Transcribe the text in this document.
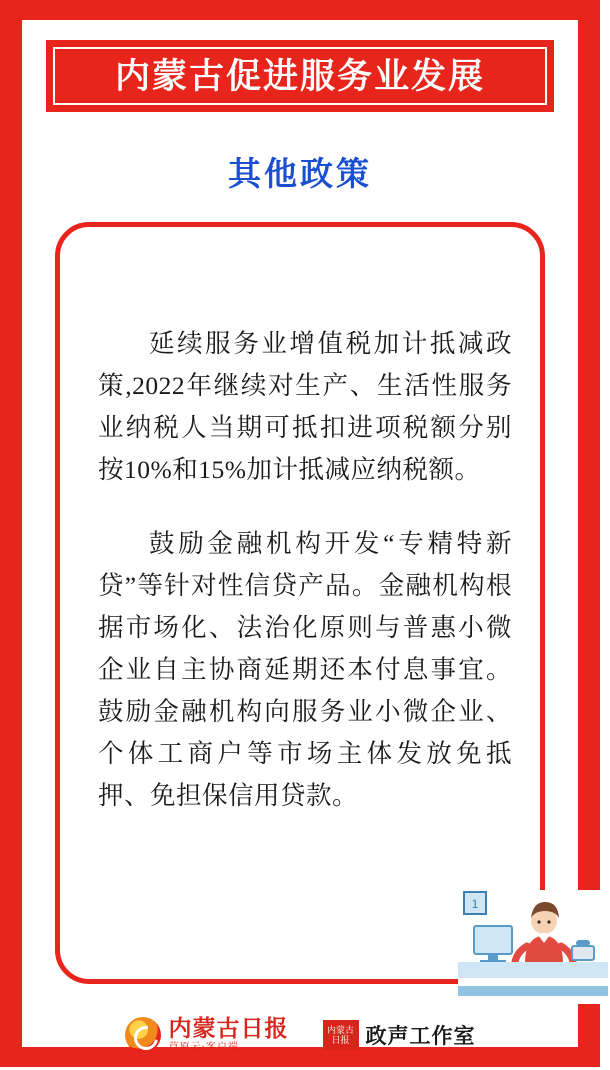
内蒙古促进服务业发展
其他政策

延续服务业增值税加计抵减政策,2022年继续对生产、生活性服务业纳税人当期可抵扣进项税额分别按10%和15%加计抵减应纳税额。

鼓励金融机构开发“专精特新贷”等针对性信贷产品。金融机构根据市场化、法治化原则与普惠小微企业自主协商延期还本付息事宜。鼓励金融机构向服务业小微企业、个体工商户等市场主体发放免抵押、免担保信用贷款。

1
内蒙古日报
草原云·客户端
内蒙古日报 政声工作室
